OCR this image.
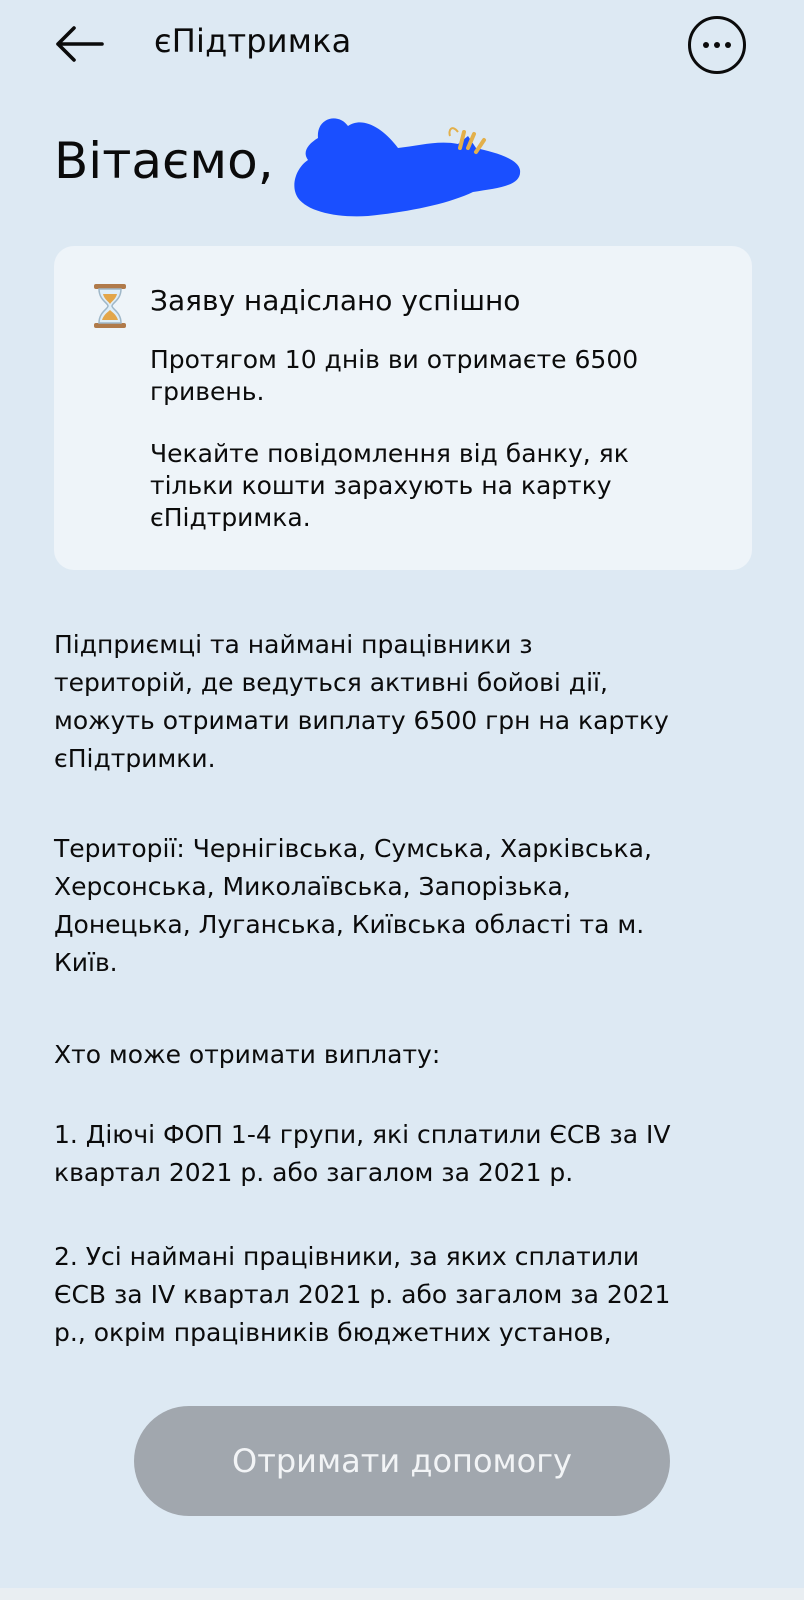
єПідтримка
Вітаємо,
Заяву надіслано успішно
Протягом 10 днів ви отримаєте 6500
гривень.
Чекайте повідомлення від банку, як
тільки кошти зарахують на картку
єПідтримка.
Підприємці та наймані працівники з
територій, де ведуться активні бойові дії,
можуть отримати виплату 6500 грн на картку
єПідтримки.
Території: Чернігівська, Сумська, Харківська,
Херсонська, Миколаївська, Запорізька,
Донецька, Луганська, Київська області та м.
Київ.
Хто може отримати виплату:
1. Діючі ФОП 1-4 групи, які сплатили ЄСВ за IV
квартал 2021 р. або загалом за 2021 р.
2. Усі наймані працівники, за яких сплатили
ЄСВ за IV квартал 2021 р. або загалом за 2021
р., окрім працівників бюджетних установ,
Отримати допомогу
